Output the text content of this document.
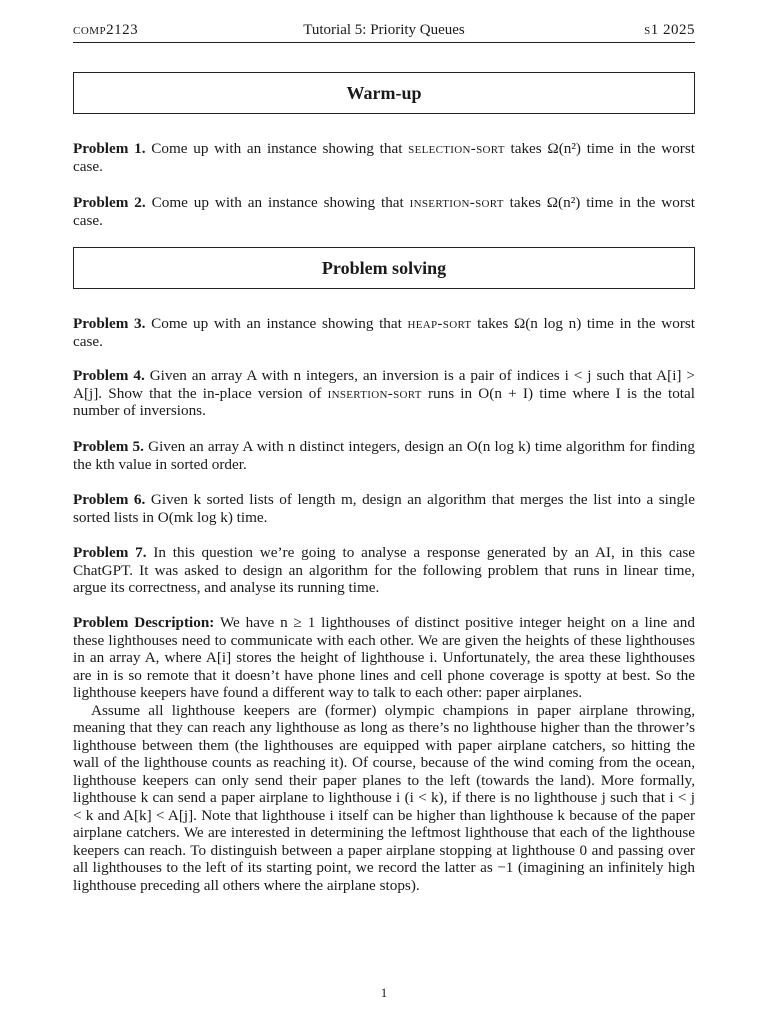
comp2123	Tutorial 5: Priority Queues	s1 2025
Warm-up
Problem 1. Come up with an instance showing that selection-sort takes Ω(n²) time in the worst case.
Problem 2. Come up with an instance showing that insertion-sort takes Ω(n²) time in the worst case.
Problem solving
Problem 3. Come up with an instance showing that heap-sort takes Ω(n log n) time in the worst case.
Problem 4. Given an array A with n integers, an inversion is a pair of indices i < j such that A[i] > A[j]. Show that the in-place version of insertion-sort runs in O(n + I) time where I is the total number of inversions.
Problem 5. Given an array A with n distinct integers, design an O(n log k) time algorithm for finding the kth value in sorted order.
Problem 6. Given k sorted lists of length m, design an algorithm that merges the list into a single sorted lists in O(mk log k) time.
Problem 7. In this question we’re going to analyse a response generated by an AI, in this case ChatGPT. It was asked to design an algorithm for the following problem that runs in linear time, argue its correctness, and analyse its running time.
Problem Description: We have n ≥ 1 lighthouses of distinct positive integer height on a line and these lighthouses need to communicate with each other. We are given the heights of these lighthouses in an array A, where A[i] stores the height of lighthouse i. Unfortunately, the area these lighthouses are in is so remote that it doesn’t have phone lines and cell phone coverage is spotty at best. So the lighthouse keepers have found a different way to talk to each other: paper airplanes.
Assume all lighthouse keepers are (former) olympic champions in paper airplane throwing, meaning that they can reach any lighthouse as long as there’s no lighthouse higher than the thrower’s lighthouse between them (the lighthouses are equipped with paper airplane catchers, so hitting the wall of the lighthouse counts as reaching it). Of course, because of the wind coming from the ocean, lighthouse keepers can only send their paper planes to the left (towards the land). More formally, lighthouse k can send a paper airplane to lighthouse i (i < k), if there is no lighthouse j such that i < j < k and A[k] < A[j]. Note that lighthouse i itself can be higher than lighthouse k because of the paper airplane catchers. We are interested in determining the leftmost lighthouse that each of the lighthouse keepers can reach. To distinguish between a paper airplane stopping at lighthouse 0 and passing over all lighthouses to the left of its starting point, we record the latter as −1 (imagining an infinitely high lighthouse preceding all others where the airplane stops).
1
